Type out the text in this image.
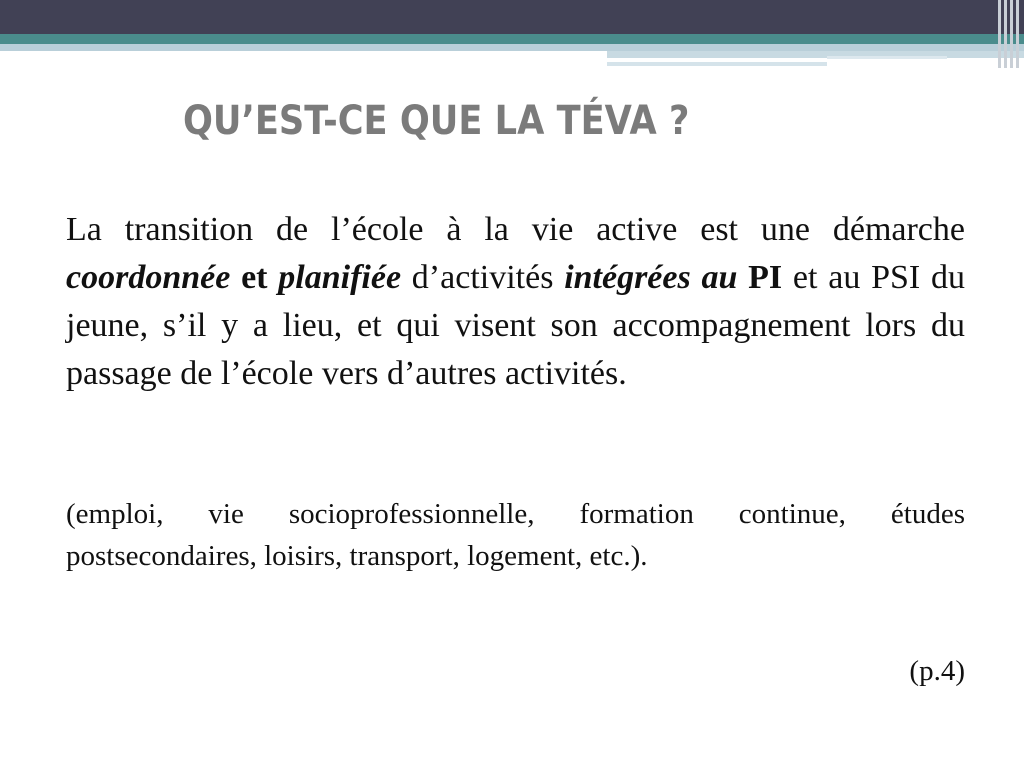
QU’EST-CE QUE LA TÉVA ?

La transition de l’école à la vie active est une démarche coordonnée et planifiée d’activités intégrées au PI et au PSI du jeune, s’il y a lieu, et qui visent son accompagnement lors du passage de l’école vers d’autres activités.

(emploi, vie socioprofessionnelle, formation continue, études postsecondaires, loisirs, transport, logement, etc.).

(p.4)
